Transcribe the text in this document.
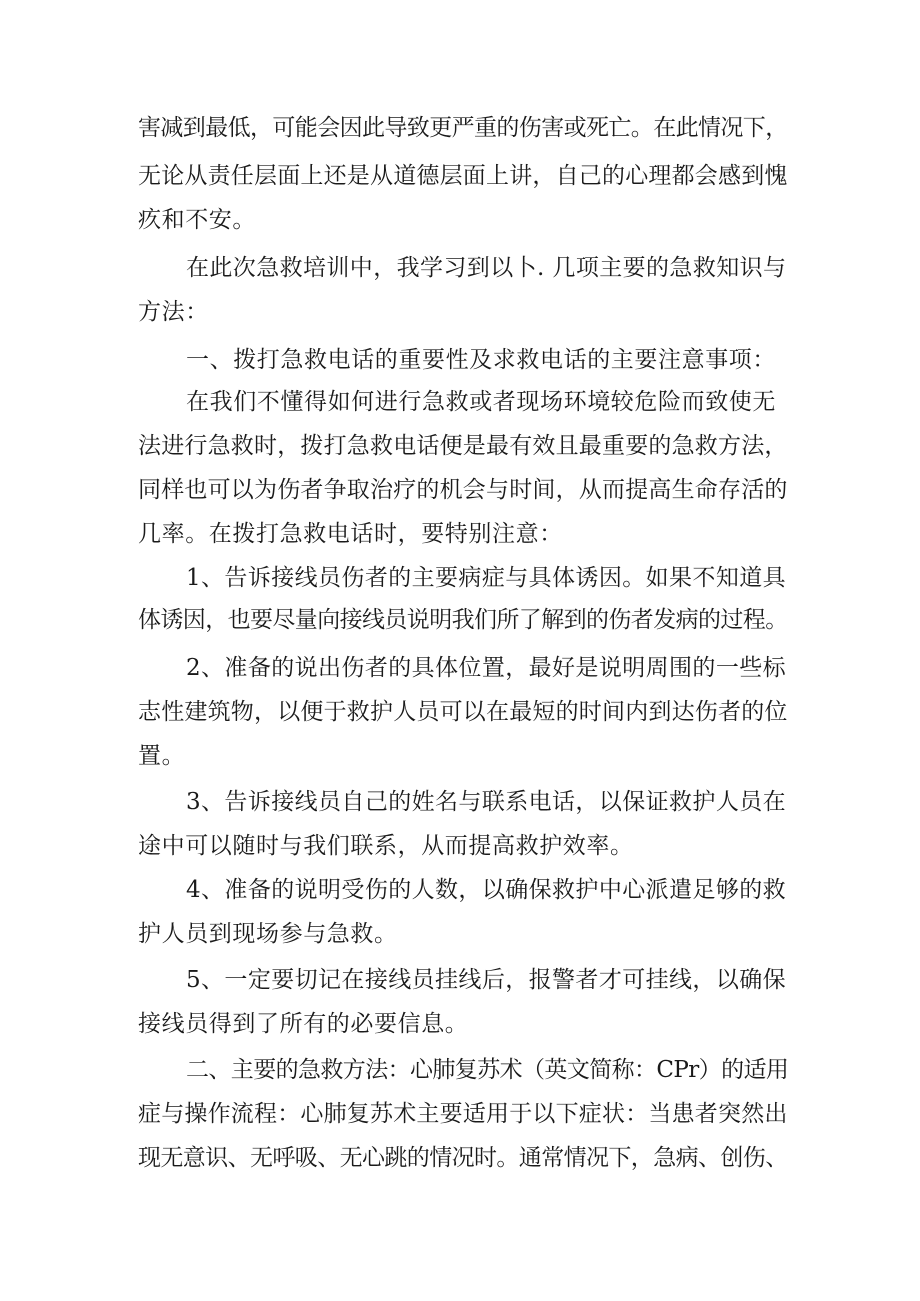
害减到最低，可能会因此导致更严重的伤害或死亡。在此情况下，
无论从责任层面上还是从道德层面上讲，自己的心理都会感到愧
疚和不安。
在此次急救培训中，我学习到以卜. 几项主要的急救知识与
方法：
一、拨打急救电话的重要性及求救电话的主要注意事项：
在我们不懂得如何进行急救或者现场环境较危险而致使无
法进行急救时，拨打急救电话便是最有效且最重要的急救方法，
同样也可以为伤者争取治疗的机会与时间，从而提高生命存活的
几率。在拨打急救电话时，要特别注意：
1、告诉接线员伤者的主要病症与具体诱因。如果不知道具
体诱因，也要尽量向接线员说明我们所了解到的伤者发病的过程。
2、准备的说出伤者的具体位置，最好是说明周围的一些标
志性建筑物，以便于救护人员可以在最短的时间内到达伤者的位
置。
3、告诉接线员自己的姓名与联系电话，以保证救护人员在
途中可以随时与我们联系，从而提高救护效率。
4、准备的说明受伤的人数，以确保救护中心派遣足够的救
护人员到现场参与急救。
5、一定要切记在接线员挂线后，报警者才可挂线，以确保
接线员得到了所有的必要信息。
二、主要的急救方法：心肺复苏术（英文简称：CPr）的适用
症与操作流程：心肺复苏术主要适用于以下症状：当患者突然出
现无意识、无呼吸、无心跳的情况时。通常情况下，急病、创伤、
